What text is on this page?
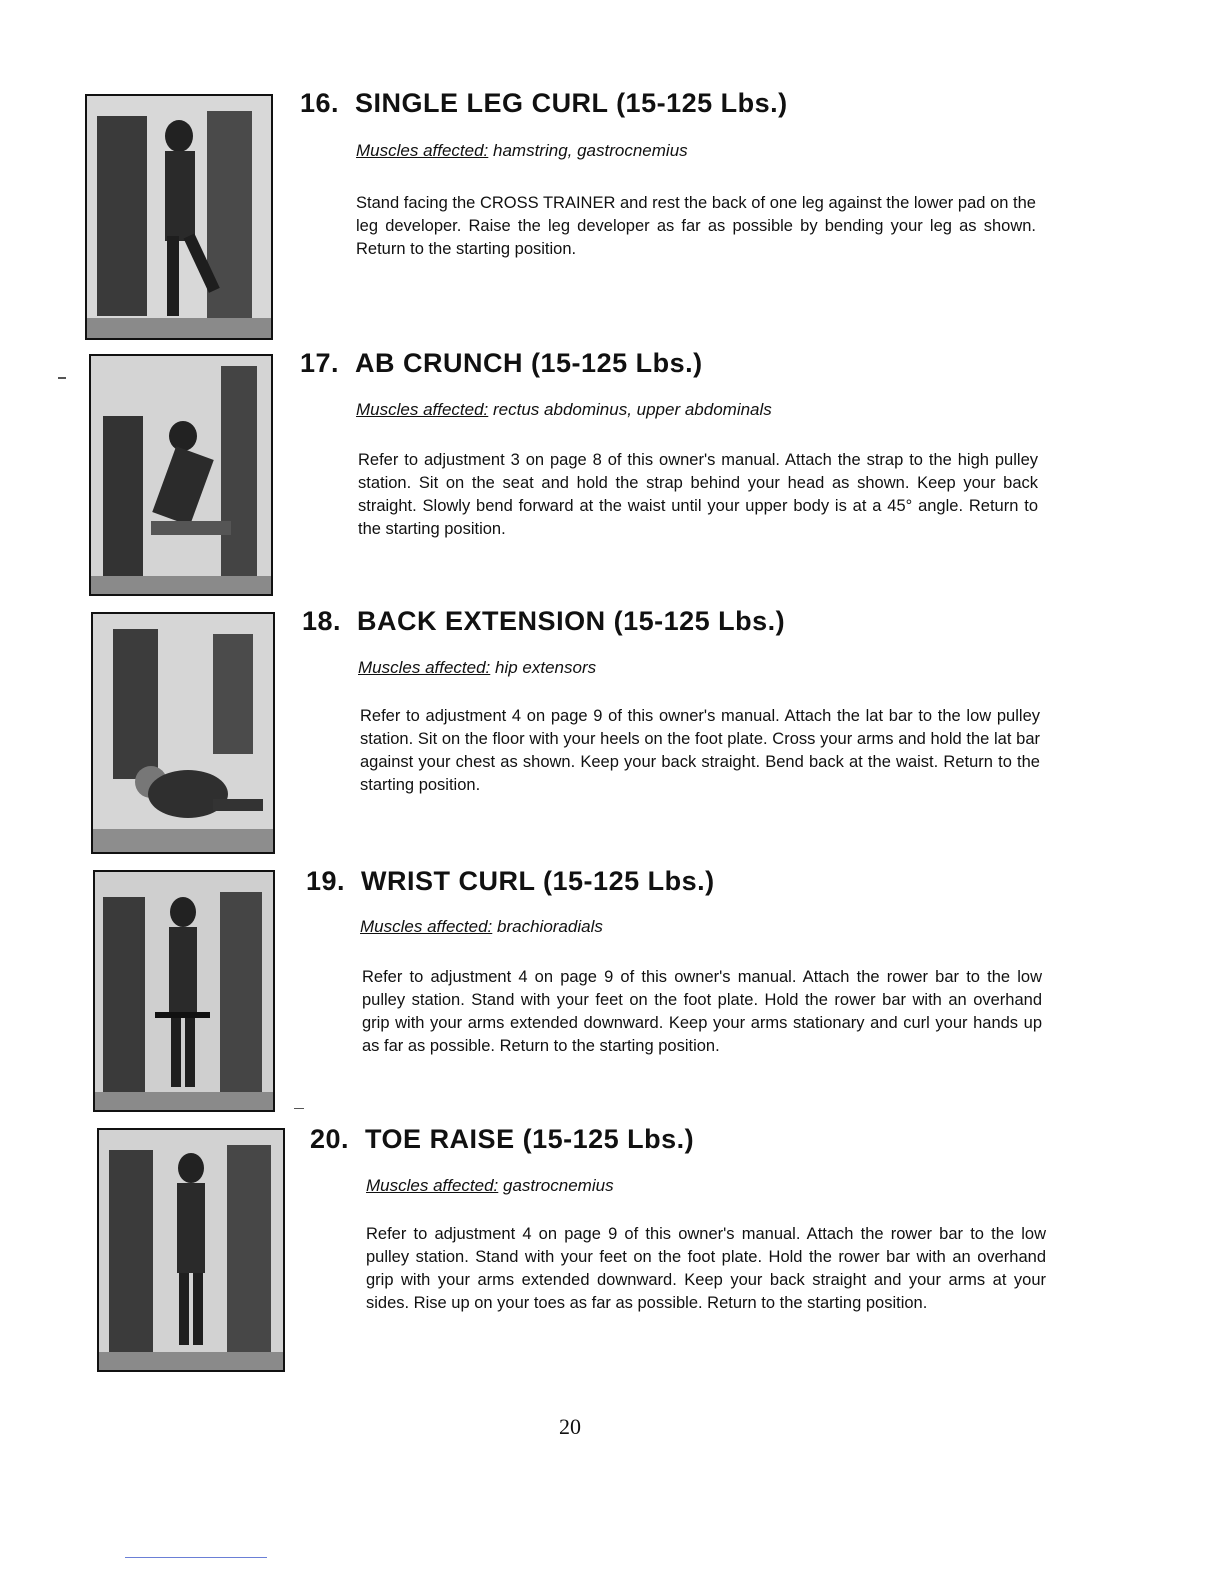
16. SINGLE LEG CURL (15-125 Lbs.)
Muscles affected: hamstring, gastrocnemius
Stand facing the CROSS TRAINER and rest the back of one leg against the lower pad on the leg developer. Raise the leg developer as far as possible by bending your leg as shown. Return to the starting position.
17. AB CRUNCH (15-125 Lbs.)
Muscles affected: rectus abdominus, upper abdominals
Refer to adjustment 3 on page 8 of this owner's manual. Attach the strap to the high pulley station. Sit on the seat and hold the strap behind your head as shown. Keep your back straight. Slowly bend forward at the waist until your upper body is at a 45° angle. Return to the starting position.
18. BACK EXTENSION (15-125 Lbs.)
Muscles affected: hip extensors
Refer to adjustment 4 on page 9 of this owner's manual. Attach the lat bar to the low pulley station. Sit on the floor with your heels on the foot plate. Cross your arms and hold the lat bar against your chest as shown. Keep your back straight. Bend back at the waist. Return to the starting position.
19. WRIST CURL (15-125 Lbs.)
Muscles affected: brachioradials
Refer to adjustment 4 on page 9 of this owner's manual. Attach the rower bar to the low pulley station. Stand with your feet on the foot plate. Hold the rower bar with an overhand grip with your arms extended downward. Keep your arms stationary and curl your hands up as far as possible. Return to the starting position.
20. TOE RAISE (15-125 Lbs.)
Muscles affected: gastrocnemius
Refer to adjustment 4 on page 9 of this owner's manual. Attach the rower bar to the low pulley station. Stand with your feet on the foot plate. Hold the rower bar with an overhand grip with your arms extended downward. Keep your back straight and your arms at your sides. Rise up on your toes as far as possible. Return to the starting position.
20
